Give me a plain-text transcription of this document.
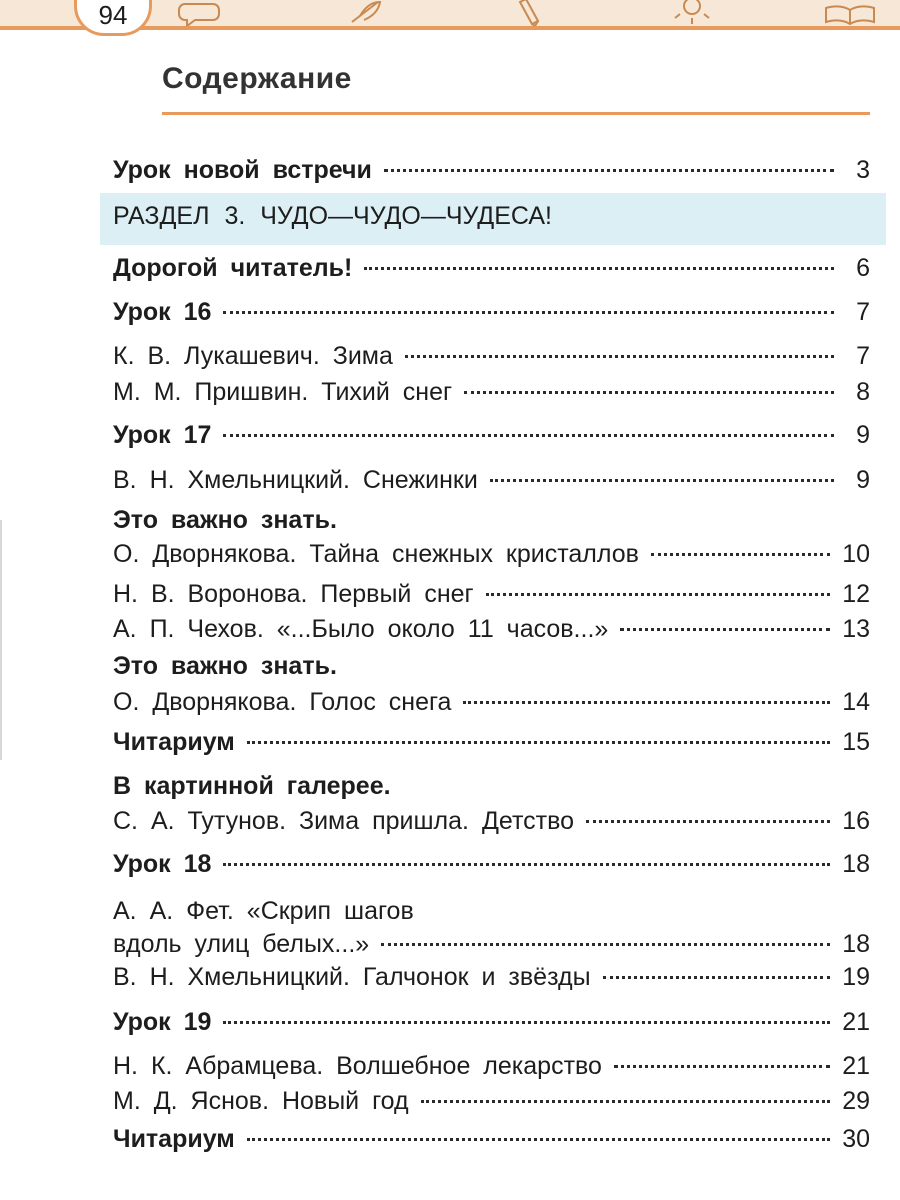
94
Содержание
Урок новой встречи	3
РАЗДЕЛ 3. ЧУДО—ЧУДО—ЧУДЕСА!
Дорогой читатель!	6
Урок 16	7
К. В. Лукашевич. Зима	7
М. М. Пришвин. Тихий снег	8
Урок 17	9
В. Н. Хмельницкий. Снежинки	9
Это важно знать.
О. Дворнякова. Тайна снежных кристаллов	10
Н. В. Воронова. Первый снег	12
А. П. Чехов. «...Было около 11 часов...»	13
Это важно знать.
О. Дворнякова. Голос снега	14
Читариум	15
В картинной галерее.
С. А. Тутунов. Зима пришла. Детство	16
Урок 18	18
А. А. Фет. «Скрип шагов
вдоль улиц белых...»	18
В. Н. Хмельницкий. Галчонок и звёзды	19
Урок 19	21
Н. К. Абрамцева. Волшебное лекарство	21
М. Д. Яснов. Новый год	29
Читариум	30
